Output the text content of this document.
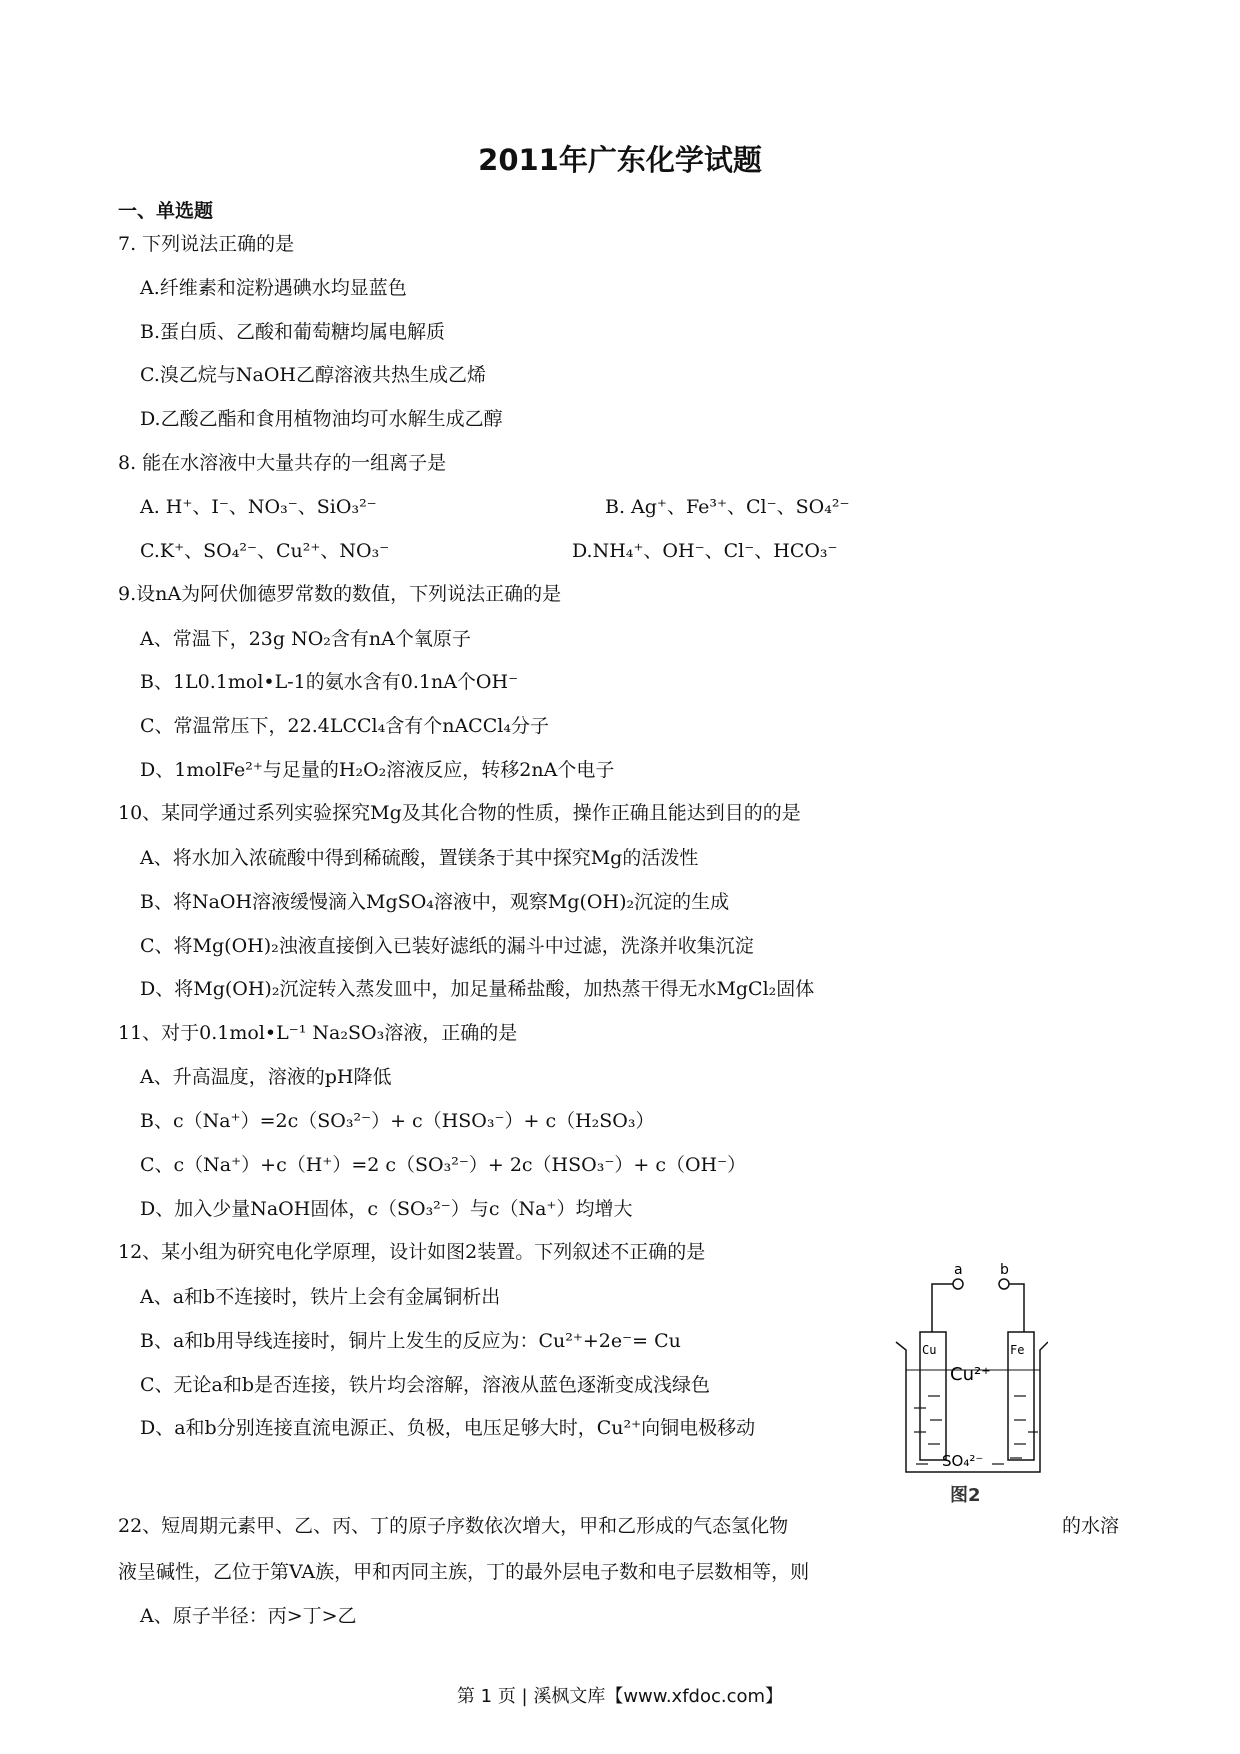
2011年广东化学试题
一、单选题
7. 下列说法正确的是
A.纤维素和淀粉遇碘水均显蓝色
B.蛋白质、乙酸和葡萄糖均属电解质
C.溴乙烷与NaOH乙醇溶液共热生成乙烯
D.乙酸乙酯和食用植物油均可水解生成乙醇
8. 能在水溶液中大量共存的一组离子是
A. H⁺、I⁻、NO₃⁻、SiO₃²⁻	B. Ag⁺、Fe³⁺、Cl⁻、SO₄²⁻
C.K⁺、SO₄²⁻、Cu²⁺、NO₃⁻	D.NH₄⁺、OH⁻、Cl⁻、HCO₃⁻
9.设nA为阿伏伽德罗常数的数值，下列说法正确的是
A、常温下，23g NO₂含有nA个氧原子
B、1L0.1mol•L-1的氨水含有0.1nA个OH⁻
C、常温常压下，22.4LCCl₄含有个nACCl₄分子
D、1molFe²⁺与足量的H₂O₂溶液反应，转移2nA个电子
10、某同学通过系列实验探究Mg及其化合物的性质，操作正确且能达到目的的是
A、将水加入浓硫酸中得到稀硫酸，置镁条于其中探究Mg的活泼性
B、将NaOH溶液缓慢滴入MgSO₄溶液中，观察Mg(OH)₂沉淀的生成
C、将Mg(OH)₂浊液直接倒入已装好滤纸的漏斗中过滤，洗涤并收集沉淀
D、将Mg(OH)₂沉淀转入蒸发皿中，加足量稀盐酸，加热蒸干得无水MgCl₂固体
11、对于0.1mol•L⁻¹ Na₂SO₃溶液，正确的是
A、升高温度，溶液的pH降低
B、c（Na⁺）=2c（SO₃²⁻）+ c（HSO₃⁻）+ c（H₂SO₃）
C、c（Na⁺）+c（H⁺）=2 c（SO₃²⁻）+ 2c（HSO₃⁻）+ c（OH⁻）
D、加入少量NaOH固体，c（SO₃²⁻）与c（Na⁺）均增大
12、某小组为研究电化学原理，设计如图2装置。下列叙述不正确的是
A、a和b不连接时，铁片上会有金属铜析出
B、a和b用导线连接时，铜片上发生的反应为：Cu²⁺+2e⁻= Cu
C、无论a和b是否连接，铁片均会溶解，溶液从蓝色逐渐变成浅绿色
D、a和b分别连接直流电源正、负极，电压足够大时，Cu²⁺向铜电极移动
a	b
Cu	Fe
Cu²⁺
SO₄²⁻
图2
22、短周期元素甲、乙、丙、丁的原子序数依次增大，甲和乙形成的气态氢化物	的水溶
液呈碱性，乙位于第VA族，甲和丙同主族，丁的最外层电子数和电子层数相等，则
A、原子半径：丙>丁>乙
第 1 页 | 溪枫文库【www.xfdoc.com】
